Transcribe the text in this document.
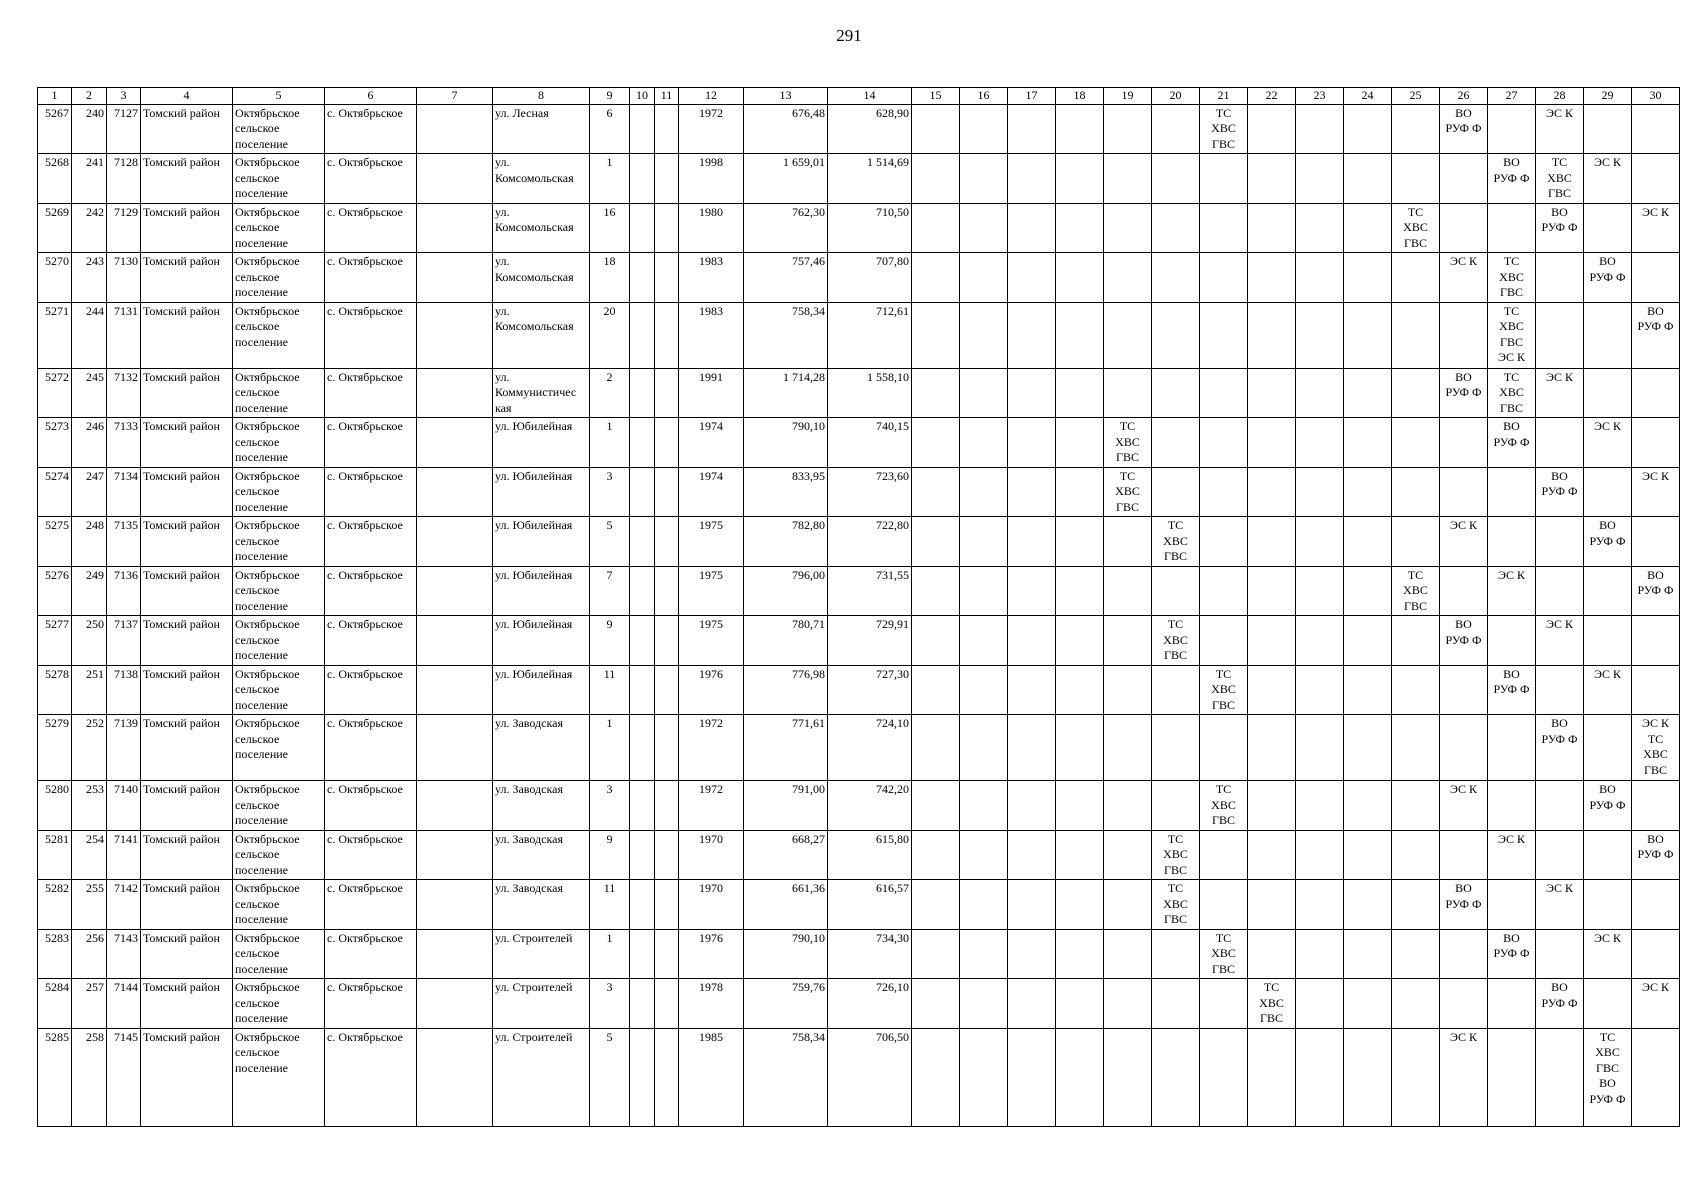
291
1	2	3	4	5	6	7	8	9	10	11	12	13	14	15	16	17	18	19	20	21	22	23	24	25	26	27	28	29	30
5267	240	7127	Томский район	Октябрьское
сельское
поселение	с. Октябрьское		ул. Лесная	6			1972	676,48	628,90							ТС
ХВС
ГВС					ВО
РУФ Ф		ЭС К		
5268	241	7128	Томский район	Октябрьское
сельское
поселение	с. Октябрьское		ул.
Комсомольская	1			1998	1 659,01	1 514,69													ВО
РУФ Ф	ТС
ХВС
ГВС	ЭС К	
5269	242	7129	Томский район	Октябрьское
сельское
поселение	с. Октябрьское		ул.
Комсомольская	16			1980	762,30	710,50											ТС
ХВС
ГВС			ВО
РУФ Ф		ЭС К
5270	243	7130	Томский район	Октябрьское
сельское
поселение	с. Октябрьское		ул.
Комсомольская	18			1983	757,46	707,80												ЭС К	ТС
ХВС
ГВС		ВО
РУФ Ф	
5271	244	7131	Томский район	Октябрьское
сельское
поселение	с. Октябрьское		ул.
Комсомольская	20			1983	758,34	712,61													ТС
ХВС
ГВС
ЭС К			ВО
РУФ Ф
5272	245	7132	Томский район	Октябрьское
сельское
поселение	с. Октябрьское		ул.
Коммунистичес
кая	2			1991	1 714,28	1 558,10												ВО
РУФ Ф	ТС
ХВС
ГВС	ЭС К		
5273	246	7133	Томский район	Октябрьское
сельское
поселение	с. Октябрьское		ул. Юбилейная	1			1974	790,10	740,15					ТС
ХВС
ГВС								ВО
РУФ Ф		ЭС К	
5274	247	7134	Томский район	Октябрьское
сельское
поселение	с. Октябрьское		ул. Юбилейная	3			1974	833,95	723,60					ТС
ХВС
ГВС									ВО
РУФ Ф		ЭС К
5275	248	7135	Томский район	Октябрьское
сельское
поселение	с. Октябрьское		ул. Юбилейная	5			1975	782,80	722,80						ТС
ХВС
ГВС						ЭС К			ВО
РУФ Ф	
5276	249	7136	Томский район	Октябрьское
сельское
поселение	с. Октябрьское		ул. Юбилейная	7			1975	796,00	731,55											ТС
ХВС
ГВС		ЭС К			ВО
РУФ Ф
5277	250	7137	Томский район	Октябрьское
сельское
поселение	с. Октябрьское		ул. Юбилейная	9			1975	780,71	729,91						ТС
ХВС
ГВС						ВО
РУФ Ф		ЭС К		
5278	251	7138	Томский район	Октябрьское
сельское
поселение	с. Октябрьское		ул. Юбилейная	11			1976	776,98	727,30							ТС
ХВС
ГВС						ВО
РУФ Ф		ЭС К	
5279	252	7139	Томский район	Октябрьское
сельское
поселение	с. Октябрьское		ул. Заводская	1			1972	771,61	724,10														ВО
РУФ Ф		ЭС К
ТС
ХВС
ГВС
5280	253	7140	Томский район	Октябрьское
сельское
поселение	с. Октябрьское		ул. Заводская	3			1972	791,00	742,20							ТС
ХВС
ГВС					ЭС К			ВО
РУФ Ф	
5281	254	7141	Томский район	Октябрьское
сельское
поселение	с. Октябрьское		ул. Заводская	9			1970	668,27	615,80						ТС
ХВС
ГВС							ЭС К			ВО
РУФ Ф
5282	255	7142	Томский район	Октябрьское
сельское
поселение	с. Октябрьское		ул. Заводская	11			1970	661,36	616,57						ТС
ХВС
ГВС						ВО
РУФ Ф		ЭС К		
5283	256	7143	Томский район	Октябрьское
сельское
поселение	с. Октябрьское		ул. Строителей	1			1976	790,10	734,30							ТС
ХВС
ГВС						ВО
РУФ Ф		ЭС К	
5284	257	7144	Томский район	Октябрьское
сельское
поселение	с. Октябрьское		ул. Строителей	3			1978	759,76	726,10								ТС
ХВС
ГВС						ВО
РУФ Ф		ЭС К
5285	258	7145	Томский район	Октябрьское
сельское
поселение	с. Октябрьское		ул. Строителей	5			1985	758,34	706,50												ЭС К			ТС
ХВС
ГВС
ВО
РУФ Ф	
